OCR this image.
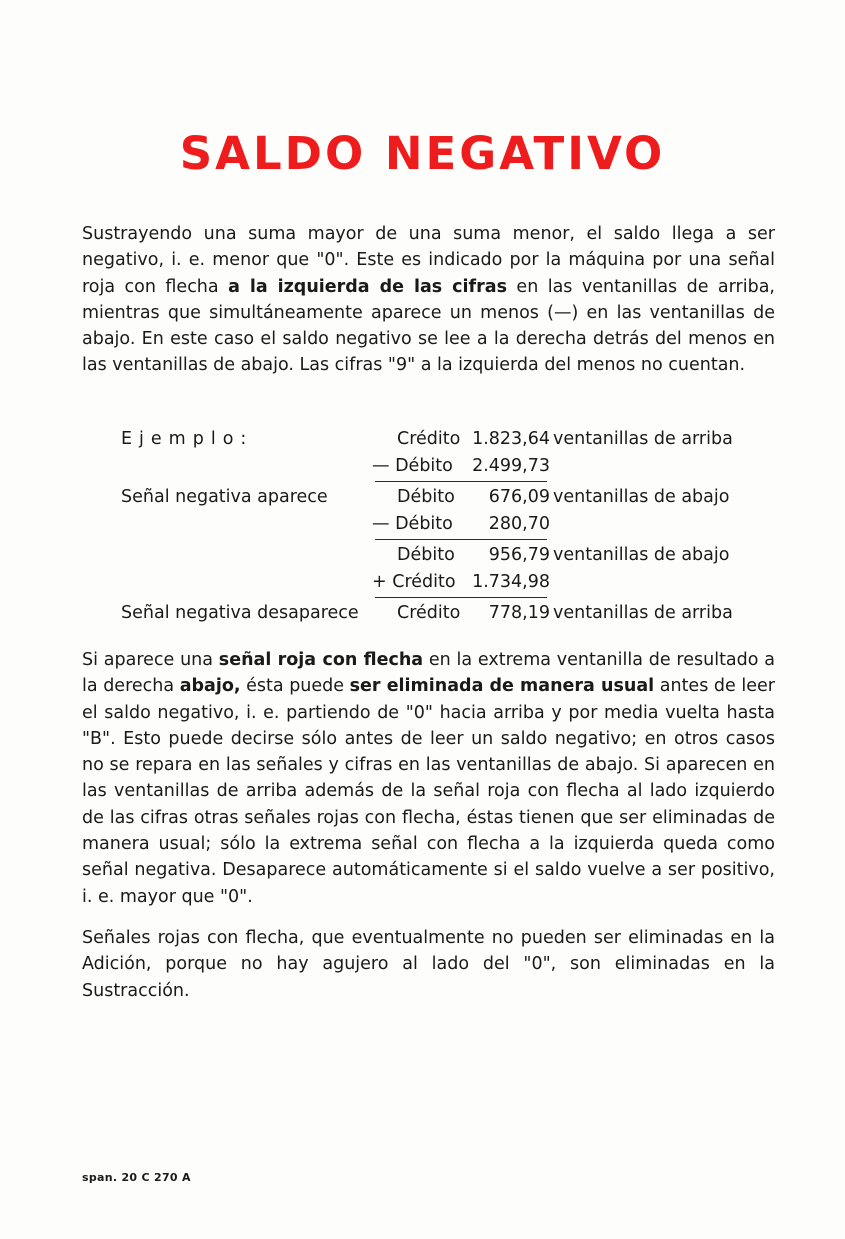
SALDO NEGATIVO

Sustrayendo una suma mayor de una suma menor, el saldo llega a ser negativo, i. e. menor que "0". Este es indicado por la máquina por una señal roja con flecha a la izquierda de las cifras en las ventanillas de arriba, mientras que simultáneamente aparece un menos (—) en las ventanillas de abajo. En este caso el saldo negativo se lee a la derecha detrás del menos en las ventanillas de abajo. Las cifras "9" a la izquierda del menos no cuentan.

Ejemplo:
Señal negativa aparece
Señal negativa desaparece
Crédito 1.823,64 ventanillas de arriba
— Débito 2.499,73
Débito 676,09 ventanillas de abajo
— Débito 280,70
Débito 956,79 ventanillas de abajo
+ Crédito 1.734,98
Crédito 778,19 ventanillas de arriba

Si aparece una señal roja con flecha en la extrema ventanilla de resultado a la derecha abajo, ésta puede ser eliminada de manera usual antes de leer el saldo negativo, i. e. partiendo de "0" hacia arriba y por media vuelta hasta "B". Esto puede decirse sólo antes de leer un saldo negativo; en otros casos no se repara en las señales y cifras en las ventanillas de abajo. Si aparecen en las ventanillas de arriba además de la señal roja con flecha al lado izquierdo de las cifras otras señales rojas con flecha, éstas tienen que ser eliminadas de manera usual; sólo la extrema señal con flecha a la izquierda queda como señal negativa. Desaparece automáticamente si el saldo vuelve a ser positivo, i. e. mayor que "0".

Señales rojas con flecha, que eventualmente no pueden ser eliminadas en la Adición, porque no hay agujero al lado del "0", son eliminadas en la Sustracción.

span. 20 C 270 A
